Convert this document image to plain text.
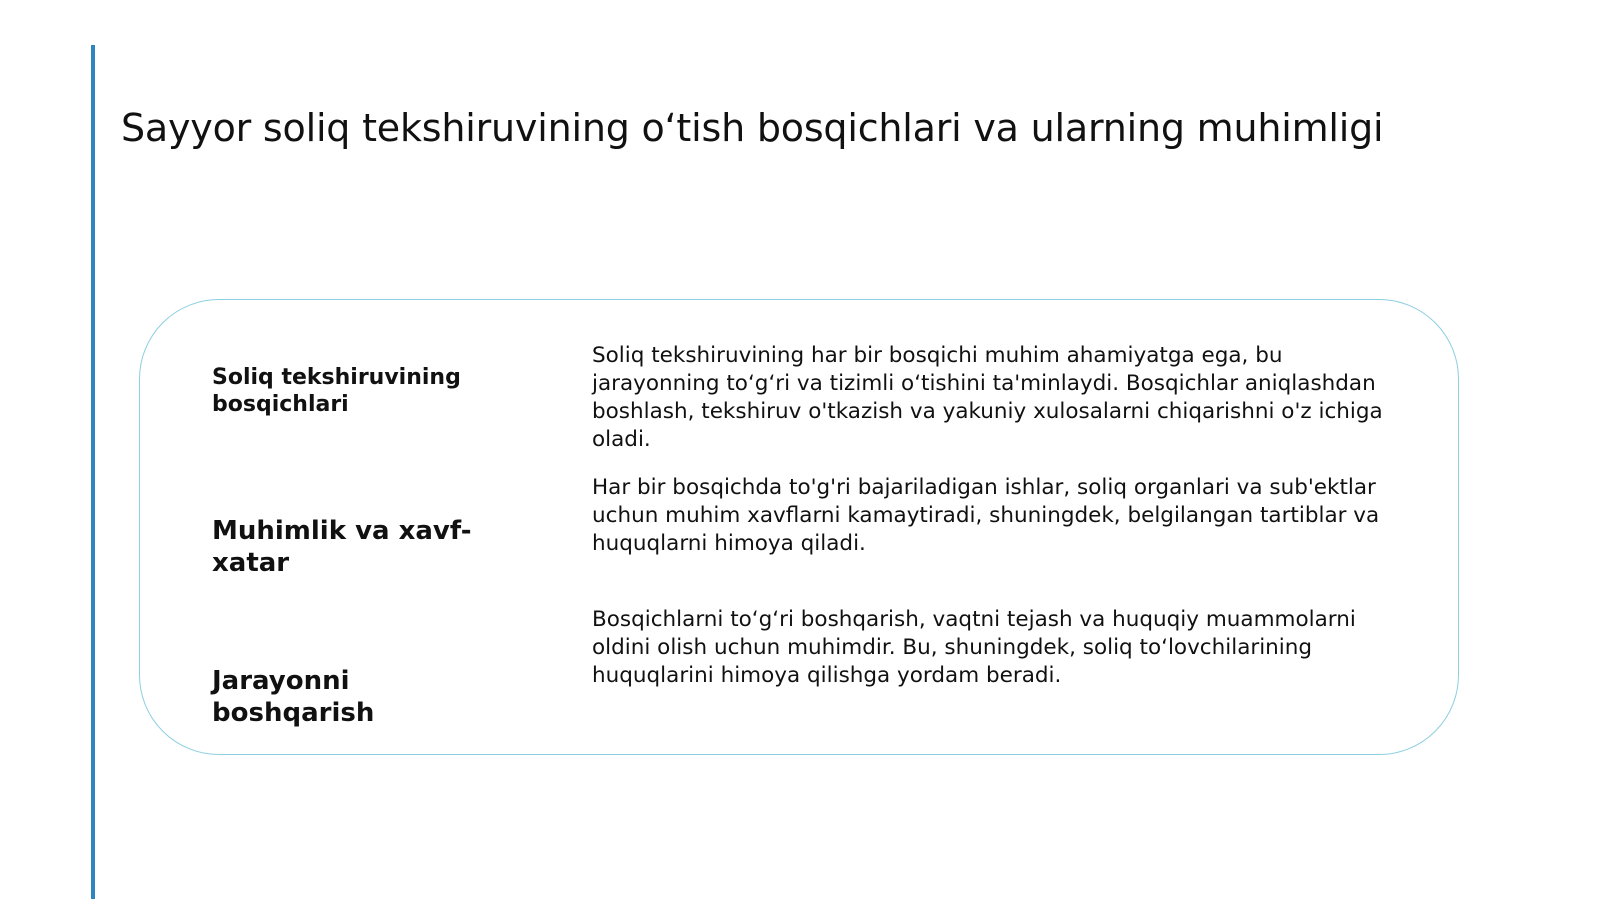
Sayyor soliq tekshiruvining o‘tish bosqichlari va ularning muhimligi

Soliq tekshiruvining bosqichlari

Soliq tekshiruvining har bir bosqichi muhim ahamiyatga ega, bu jarayonning to‘g‘ri va tizimli o‘tishini ta'minlaydi. Bosqichlar aniqlashdan boshlash, tekshiruv o'tkazish va yakuniy xulosalarni chiqarishni o'z ichiga oladi.

Muhimlik va xavf-xatar

Har bir bosqichda to'g'ri bajariladigan ishlar, soliq organlari va sub'ektlar uchun muhim xavflarni kamaytiradi, shuningdek, belgilangan tartiblar va huquqlarni himoya qiladi.

Jarayonni boshqarish

Bosqichlarni to‘g‘ri boshqarish, vaqtni tejash va huquqiy muammolarni oldini olish uchun muhimdir. Bu, shuningdek, soliq to‘lovchilarining huquqlarini himoya qilishga yordam beradi.
